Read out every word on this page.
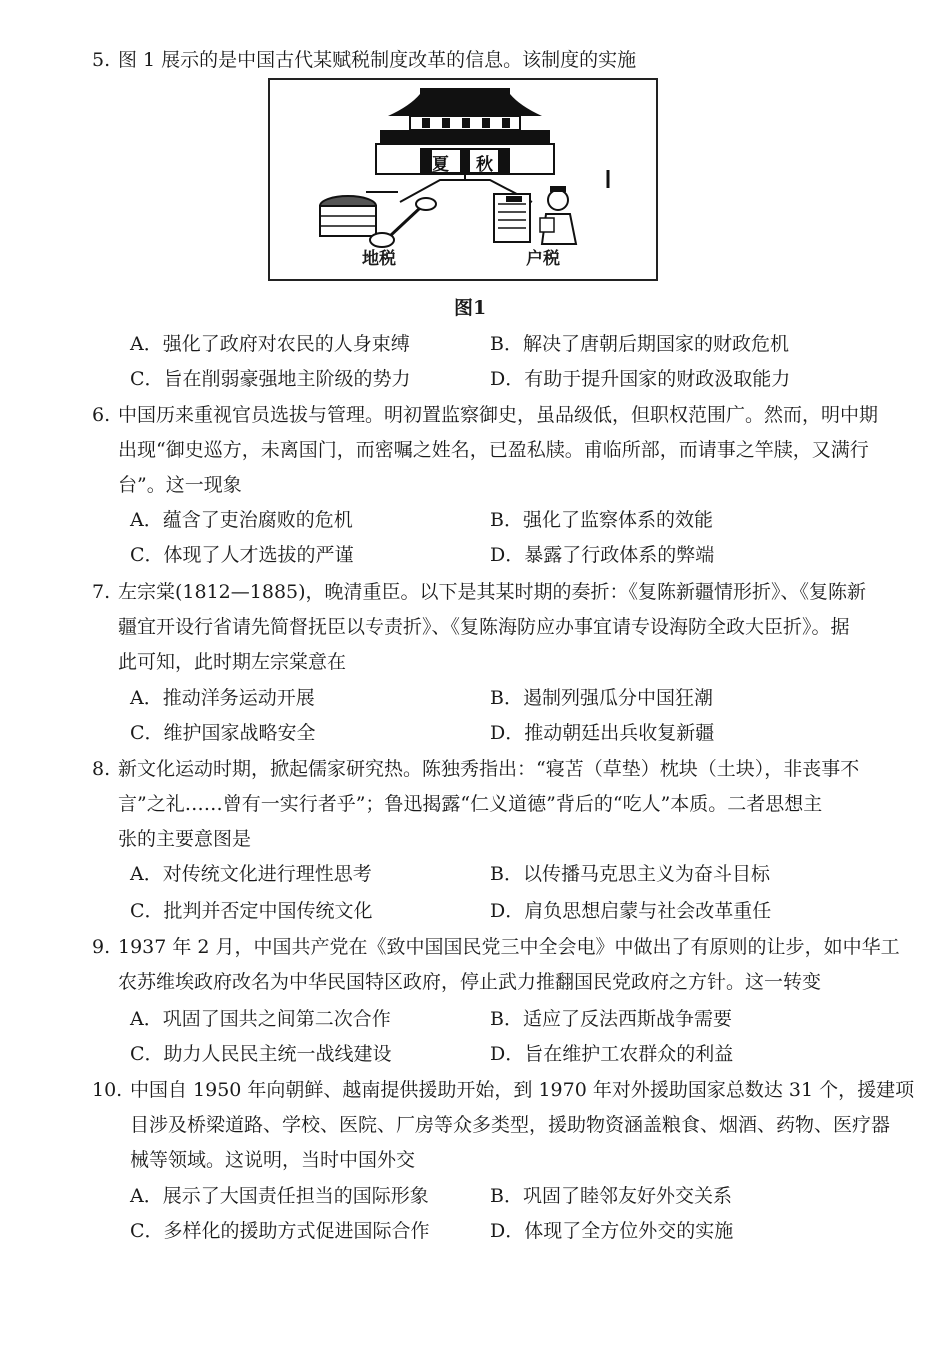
5. 图 1 展示的是中国古代某赋税制度改革的信息。该制度的实施
夏 秋
地税	户税
图1
A．强化了政府对农民的人身束缚	B．解决了唐朝后期国家的财政危机
C．旨在削弱豪强地主阶级的势力	D．有助于提升国家的财政汲取能力
6. 中国历来重视官员选拔与管理。明初置监察御史，虽品级低，但职权范围广。然而，明中期
出现“御史巡方，未离国门，而密嘱之姓名，已盈私牍。甫临所部，而请事之竿牍，又满行
台”。这一现象
A．蕴含了吏治腐败的危机	B．强化了监察体系的效能
C．体现了人才选拔的严谨	D．暴露了行政体系的弊端
7. 左宗棠(1812—1885)，晚清重臣。以下是其某时期的奏折：《复陈新疆情形折》、《复陈新
疆宜开设行省请先简督抚臣以专责折》、《复陈海防应办事宜请专设海防全政大臣折》。据
此可知，此时期左宗棠意在
A．推动洋务运动开展	B．遏制列强瓜分中国狂潮
C．维护国家战略安全	D．推动朝廷出兵收复新疆
8. 新文化运动时期，掀起儒家研究热。陈独秀指出：“寝苫（草垫）枕块（土块），非丧事不
言”之礼……曾有一实行者乎”；鲁迅揭露“仁义道德”背后的“吃人”本质。二者思想主
张的主要意图是
A．对传统文化进行理性思考	B．以传播马克思主义为奋斗目标
C．批判并否定中国传统文化	D．肩负思想启蒙与社会改革重任
9. 1937 年 2 月，中国共产党在《致中国国民党三中全会电》中做出了有原则的让步，如中华工
农苏维埃政府改名为中华民国特区政府，停止武力推翻国民党政府之方针。这一转变
A．巩固了国共之间第二次合作	B．适应了反法西斯战争需要
C．助力人民民主统一战线建设	D．旨在维护工农群众的利益
10. 中国自 1950 年向朝鲜、越南提供援助开始，到 1970 年对外援助国家总数达 31 个，援建项
目涉及桥梁道路、学校、医院、厂房等众多类型，援助物资涵盖粮食、烟酒、药物、医疗器
械等领域。这说明，当时中国外交
A．展示了大国责任担当的国际形象	B．巩固了睦邻友好外交关系
C．多样化的援助方式促进国际合作	D．体现了全方位外交的实施
